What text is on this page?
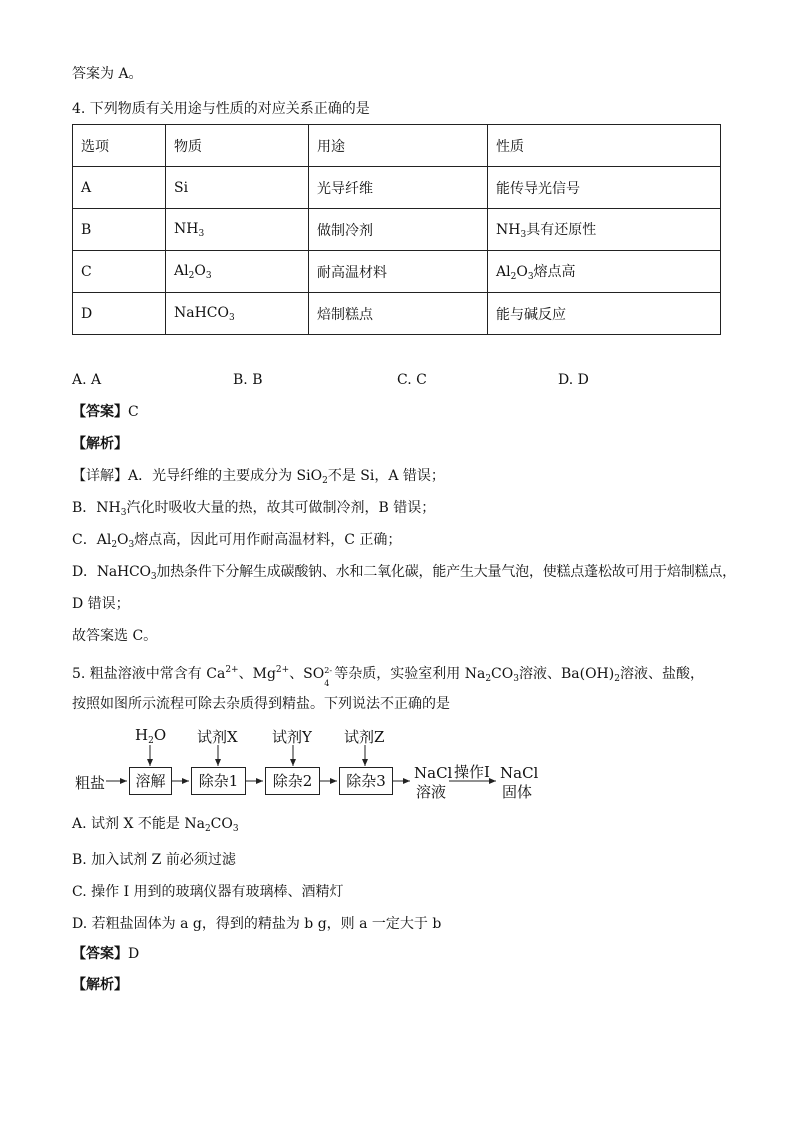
答案为 A。
4. 下列物质有关用途与性质的对应关系正确的是
选项	物质	用途	性质
A	Si	光导纤维	能传导光信号
B	$NH_3$	做制冷剂	$NH_3$具有还原性
C	$Al_2O_3$	耐高温材料	$Al_2O_3$熔点高
D	NaHCO$_3$	焙制糕点	能与碱反应
A. A	B. B	C. C	D. D
【答案】C
【解析】
【详解】A．光导纤维的主要成分为 SiO$_2$不是 Si，A 错误；
B．$NH_3$汽化时吸收大量的热，故其可做制冷剂，B 错误；
C．$Al_2O_3$熔点高，因此可用作耐高温材料，C 正确；
D．NaHCO$_3$加热条件下分解生成碳酸钠、水和二氧化碳，能产生大量气泡，使糕点蓬松故可用于焙制糕点，
D 错误；
故答案选 C。
5. 粗盐溶液中常含有 $Ca^{2+}$、$Mg^{2+}$、SO 2-
4
等杂质，实验室利用 $Na_2CO_3$溶液、$Ba(OH)_2$溶液、盐酸，
按照如图所示流程可除去杂质得到精盐。下列说法不正确的是
粗盐	溶解	除杂1	除杂2	除杂3
$H_2O$ 试剂X 试剂Y 试剂Z
NaCl
溶液
操作I NaCl
固体
A. 试剂 X 不能是 $Na_2CO_3$
B. 加入试剂 Z 前必须过滤
C. 操作 I 用到的玻璃仪器有玻璃棒、酒精灯
D. 若粗盐固体为 a g，得到的精盐为 b g，则 a 一定大于 b
【答案】D
【解析】
